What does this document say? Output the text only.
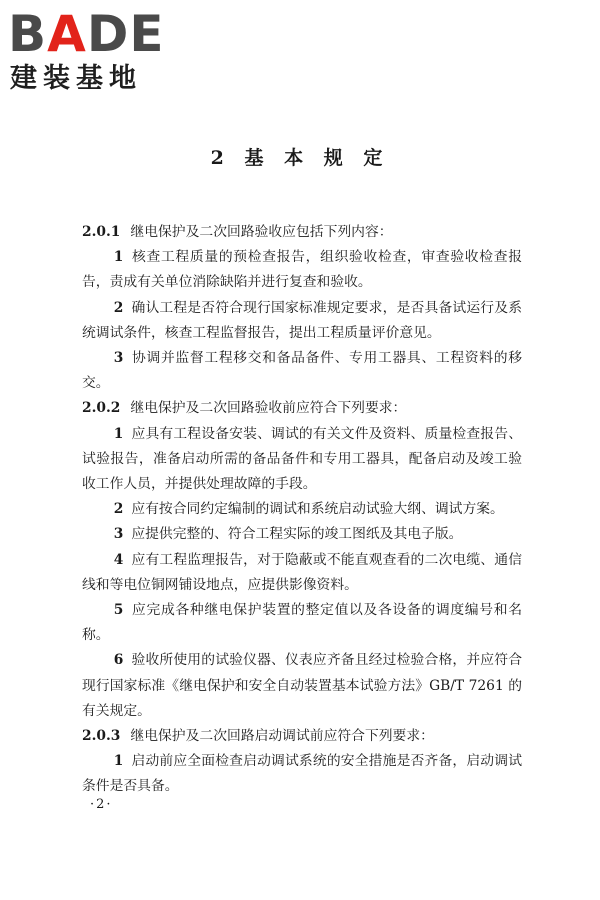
BADE
建装基地
2 基 本 规 定

2.0.1 继电保护及二次回路验收应包括下列内容：

1 核查工程质量的预检查报告，组织验收检查，审查验收检查报告，责成有关单位消除缺陷并进行复查和验收。

2 确认工程是否符合现行国家标准规定要求，是否具备试运行及系统调试条件，核查工程监督报告，提出工程质量评价意见。

3 协调并监督工程移交和备品备件、专用工器具、工程资料的移交。

2.0.2 继电保护及二次回路验收前应符合下列要求：

1 应具有工程设备安装、调试的有关文件及资料、质量检查报告、试验报告，准备启动所需的备品备件和专用工器具，配备启动及竣工验收工作人员，并提供处理故障的手段。

2 应有按合同约定编制的调试和系统启动试验大纲、调试方案。

3 应提供完整的、符合工程实际的竣工图纸及其电子版。

4 应有工程监理报告，对于隐蔽或不能直观查看的二次电缆、通信线和等电位铜网铺设地点，应提供影像资料。

5 应完成各种继电保护装置的整定值以及各设备的调度编号和名称。

6 验收所使用的试验仪器、仪表应齐备且经过检验合格，并应符合现行国家标准《继电保护和安全自动装置基本试验方法》GB/T 7261 的有关规定。

2.0.3 继电保护及二次回路启动调试前应符合下列要求：

1 启动前应全面检查启动调试系统的安全措施是否齐备，启动调试条件是否具备。

·2·
